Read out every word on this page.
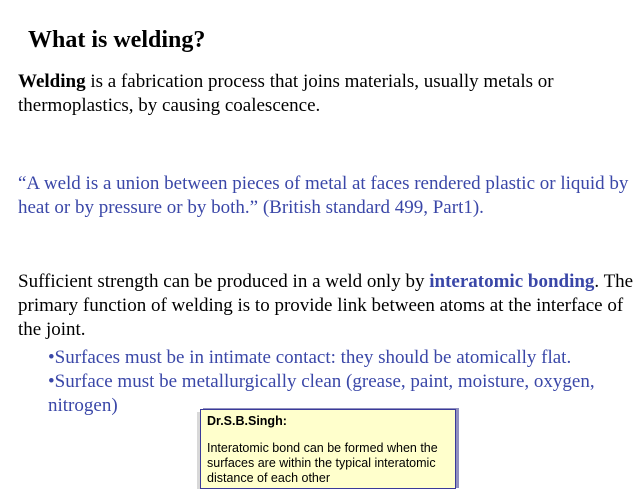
What is welding?
Welding is a fabrication process that joins materials, usually metals or thermoplastics, by causing coalescence.
“A weld is a union between pieces of metal at faces rendered plastic or liquid by heat or by pressure or by both.” (British standard 499, Part1).
Sufficient strength can be produced in a weld only by interatomic bonding. The primary function of welding is to provide link between atoms at the interface of the joint.
•Surfaces must be in intimate contact: they should be atomically flat.
•Surface must be metallurgically clean (grease, paint, moisture, oxygen, nitrogen)
Dr.S.B.Singh:
Interatomic bond can be formed when the surfaces are within the typical interatomic distance of each other
